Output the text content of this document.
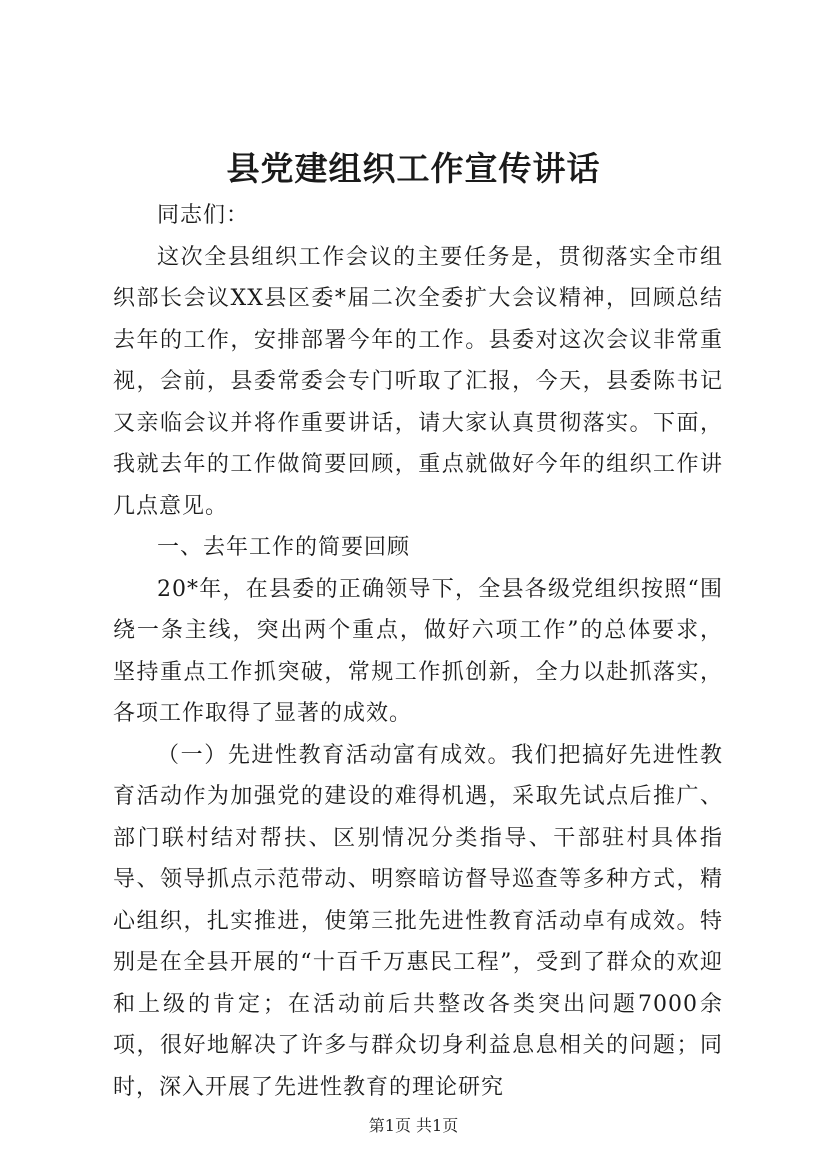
县党建组织工作宣传讲话

同志们：

这次全县组织工作会议的主要任务是，贯彻落实全市组织部长会议XX县区委*届二次全委扩大会议精神，回顾总结去年的工作，安排部署今年的工作。县委对这次会议非常重视，会前，县委常委会专门听取了汇报，今天，县委陈书记又亲临会议并将作重要讲话，请大家认真贯彻落实。下面，我就去年的工作做简要回顾，重点就做好今年的组织工作讲几点意见。

一、去年工作的简要回顾

20*年，在县委的正确领导下，全县各级党组织按照“围绕一条主线，突出两个重点，做好六项工作”的总体要求，坚持重点工作抓突破，常规工作抓创新，全力以赴抓落实，各项工作取得了显著的成效。

（一）先进性教育活动富有成效。我们把搞好先进性教育活动作为加强党的建设的难得机遇，采取先试点后推广、部门联村结对帮扶、区别情况分类指导、干部驻村具体指导、领导抓点示范带动、明察暗访督导巡查等多种方式，精心组织，扎实推进，使第三批先进性教育活动卓有成效。特别是在全县开展的“十百千万惠民工程”，受到了群众的欢迎和上级的肯定；在活动前后共整改各类突出问题7000余项，很好地解决了许多与群众切身利益息息相关的问题；同时，深入开展了先进性教育的理论研究

第1页 共1页
